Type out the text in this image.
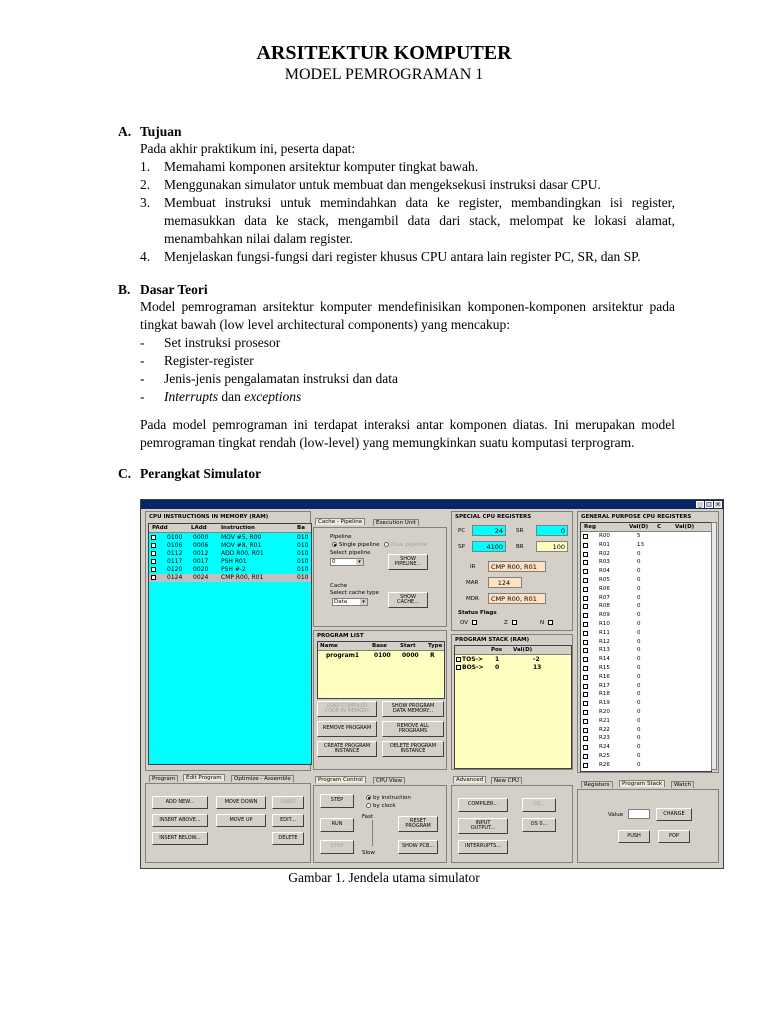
ARSITEKTUR KOMPUTER
MODEL PEMROGRAMAN 1
A. Tujuan
Pada akhir praktikum ini, peserta dapat:
1. Memahami komponen arsitektur komputer tingkat bawah.
2. Menggunakan simulator untuk membuat dan mengeksekusi instruksi dasar CPU.
3. Membuat instruksi untuk memindahkan data ke register, membandingkan isi register, memasukkan data ke stack, mengambil data dari stack, melompat ke lokasi alamat, menambahkan nilai dalam register.
4. Menjelaskan fungsi-fungsi dari register khusus CPU antara lain register PC, SR, dan SP.
B. Dasar Teori
Model pemrograman arsitektur komputer mendefinisikan komponen-komponen arsitektur pada tingkat bawah (low level architectural components) yang mencakup:
- Set instruksi prosesor
- Register-register
- Jenis-jenis pengalamatan instruksi dan data
- Interrupts dan exceptions
Pada model pemrograman ini terdapat interaksi antar komponen diatas. Ini merupakan model pemrograman tingkat rendah (low-level) yang memungkinkan suatu komputasi terprogram.
C. Perangkat Simulator
_ □ ×
CPU INSTRUCTIONS IN MEMORY (RAM)
PAdd	LAdd	Instruction	Ba
0100 0000 MOV #5, R00	010
0106 0006 MOV #8, R01	010
0112 0012 ADD R00, R01	010
0117 0017 PSH R01	010
0120 0020 PSH #-2	010
0124 0024 CMP R00, R01	010
Program	Edit Program	Optimize - Assemble
ADD NEW...	MOVE DOWN	UNDO
INSERT ABOVE...	MOVE UP	EDIT...
INSERT BELOW...	DELETE
Cache - Pipeline	Execution Unit
Pipeline
Single pipeline Dual pipeline
Select pipeline
0 ▾
SHOW
PIPELINE...
Cache
Select cache type
Data ▾
SHOW
CACHE...
PROGRAM LIST
Name	Base Start Type
program1 0100 0000 R
LOAD COMPILED
CODE IN MEMORY
SHOW PROGRAM
DATA MEMORY...
REMOVE PROGRAM	REMOVE ALL
PROGRAMS
CREATE PROGRAM
INSTANCE
DELETE PROGRAM
INSTANCE
Program Control	CPU View
STEP	by instruction
by clock
RUN
Fast
Slow
RESET
PROGRAM
STOP	SHOW PCB...
SPECIAL CPU REGISTERS
PC	24	SR	0
SP	4100	BR	100
IR	CMP R00, R01
MAR	124
MDR	CMP R00, R01
Status Flags
OV	Z	N
PROGRAM STACK (RAM)
Pos Val(D)
TOS-> 1	-2
BOS-> 0	13
Advanced	New CPU
COMPILER...	I/O...
INPUT
OUTPUT...
OS 0...
INTERRUPTS...
GENERAL PURPOSE CPU REGISTERS
Reg	Val(D) C	Val(D)
R00	5
R01	13
R02	0
R03	0
R04	0
R05	0
R06	0
R07	0
R08	0
R09	0
R10	0
R11	0
R12	0
R13	0
R14	0
R15	0
R16	0
R17	0
R18	0
R19	0
R20	0
R21	0
R22	0
R23	0
R24	0
R25	0
R26	0
Registers	Program Stack	Watch
Value	CHANGE
PUSH	POP
Gambar 1. Jendela utama simulator
